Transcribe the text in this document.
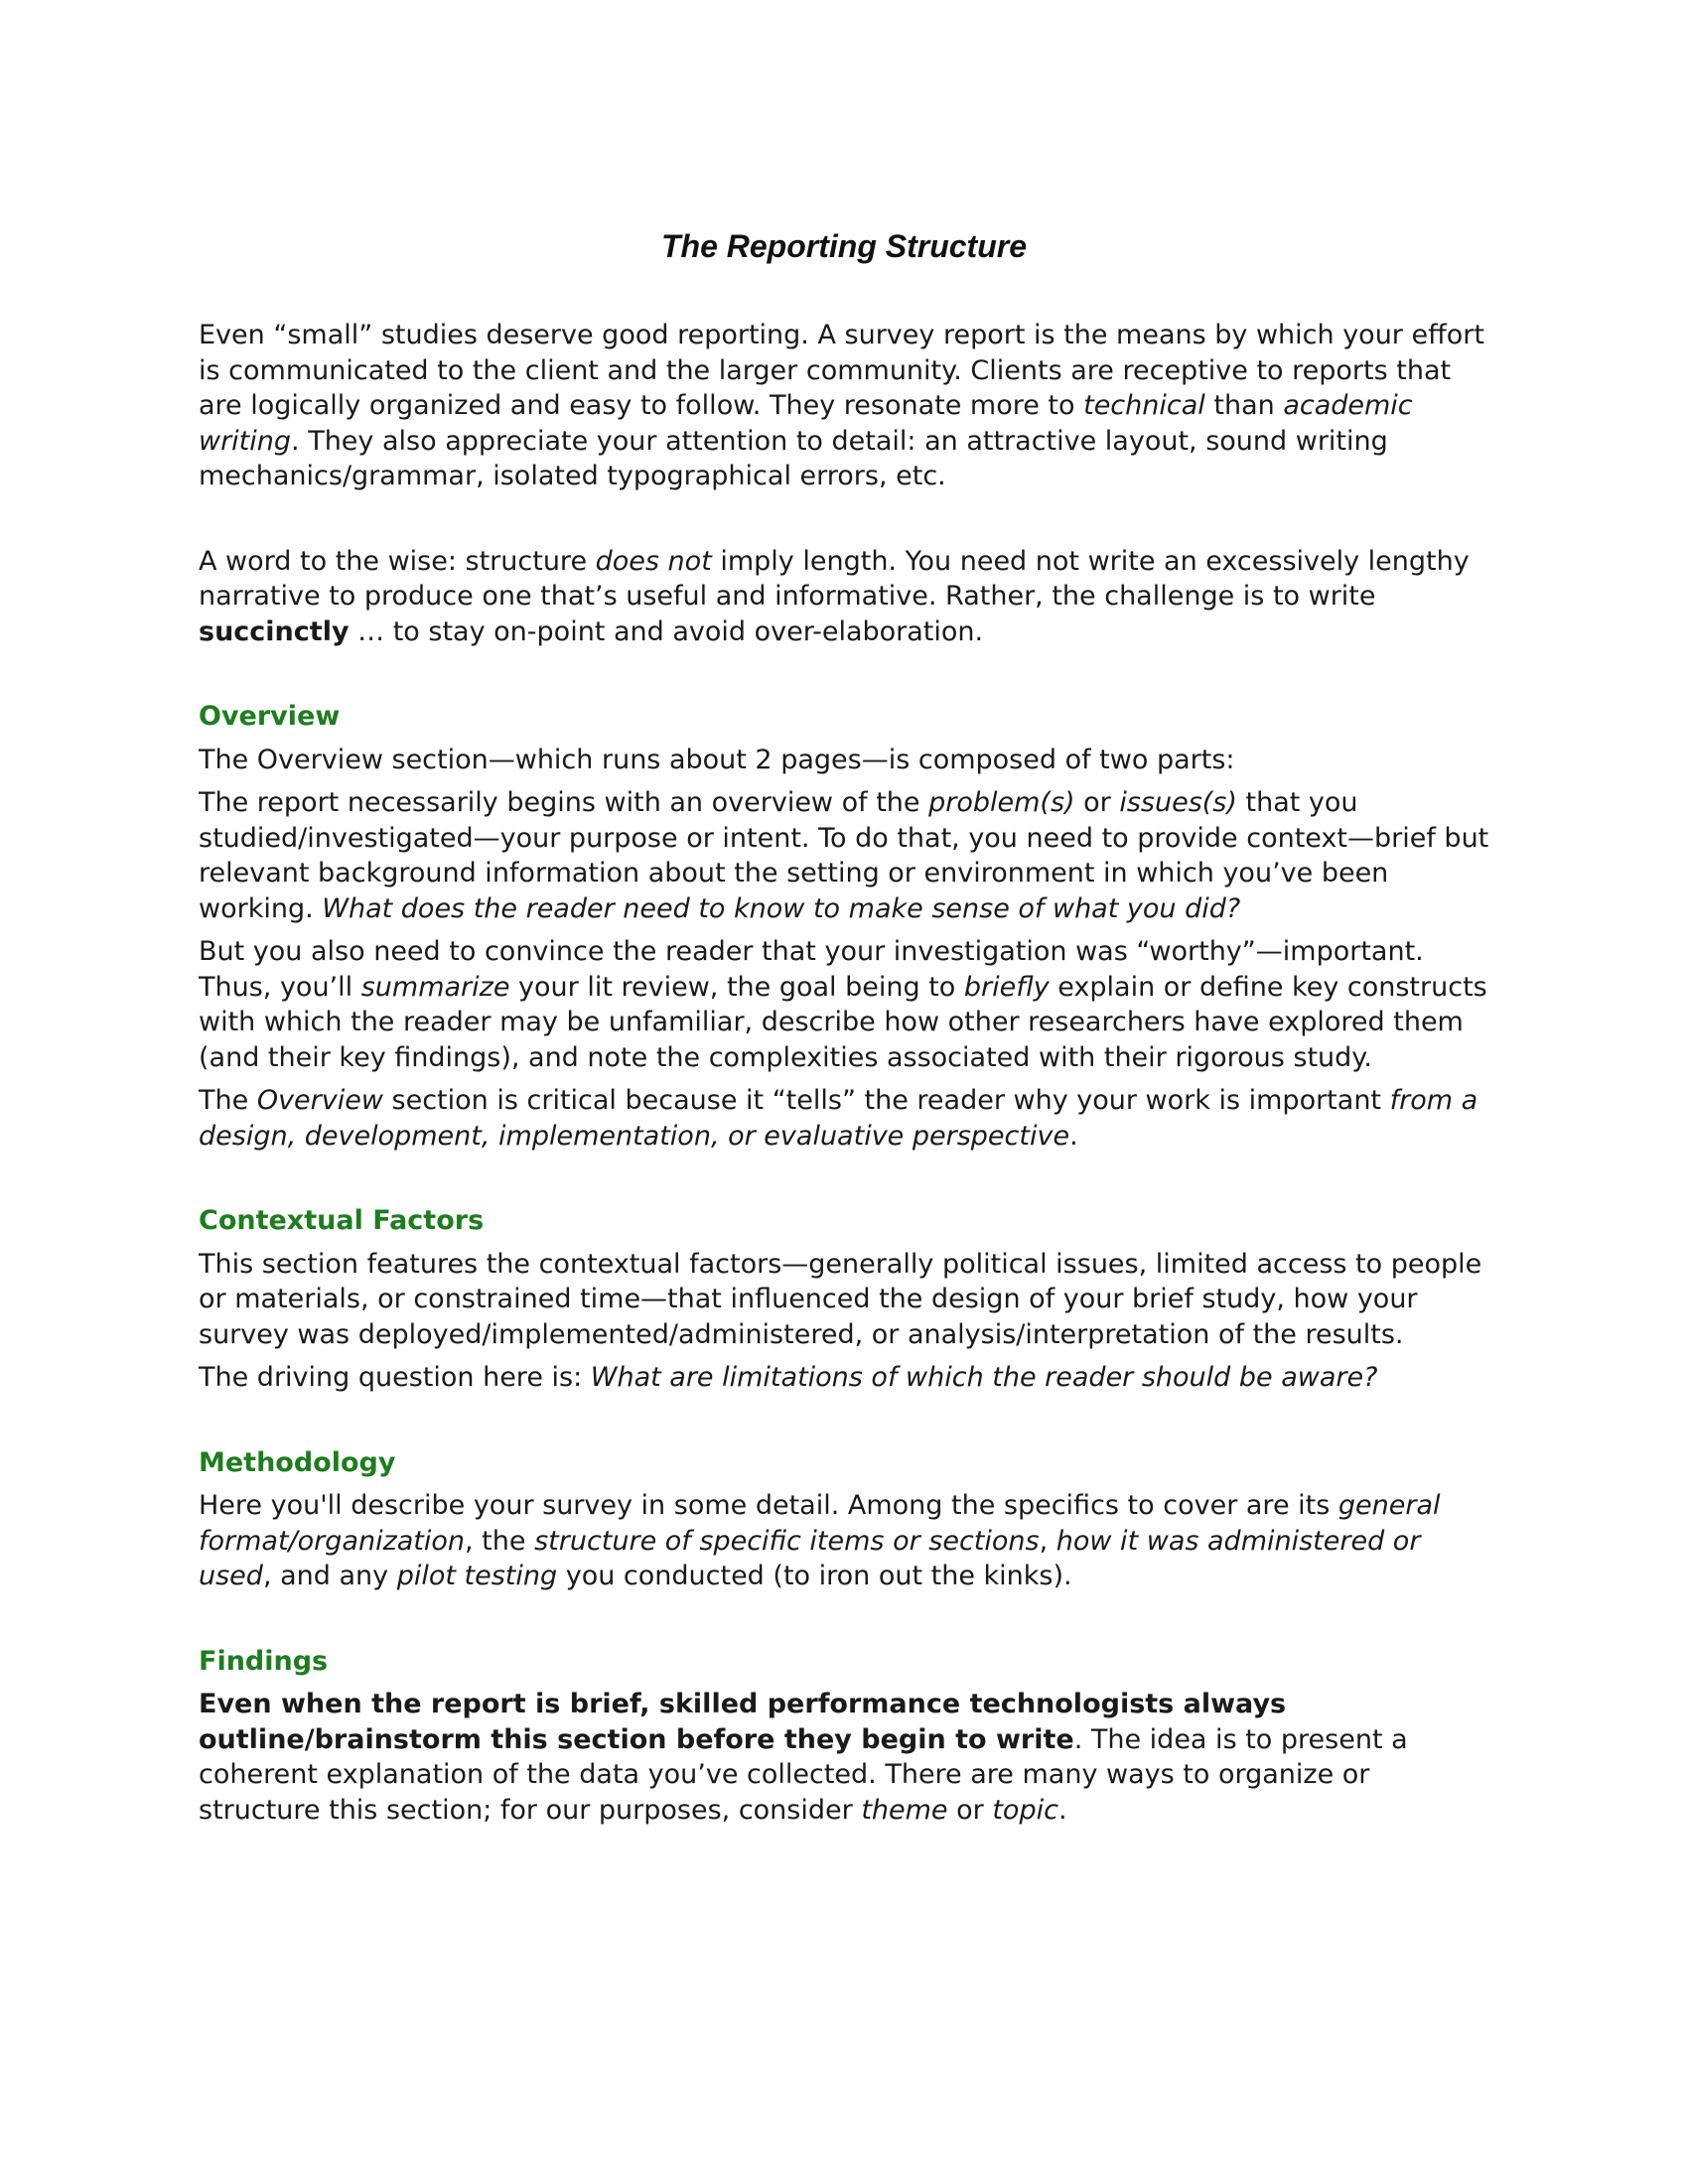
The Reporting Structure

Even “small” studies deserve good reporting. A survey report is the means by which your effort is communicated to the client and the larger community. Clients are receptive to reports that are logically organized and easy to follow. They resonate more to technical than academic writing. They also appreciate your attention to detail: an attractive layout, sound writing mechanics/grammar, isolated typographical errors, etc.

A word to the wise: structure does not imply length. You need not write an excessively lengthy narrative to produce one that’s useful and informative. Rather, the challenge is to write succinctly … to stay on-point and avoid over-elaboration.

Overview

The Overview section—which runs about 2 pages—is composed of two parts:

The report necessarily begins with an overview of the problem(s) or issues(s) that you studied/investigated—your purpose or intent. To do that, you need to provide context—brief but relevant background information about the setting or environment in which you’ve been working. What does the reader need to know to make sense of what you did?

But you also need to convince the reader that your investigation was “worthy”—important. Thus, you’ll summarize your lit review, the goal being to briefly explain or define key constructs with which the reader may be unfamiliar, describe how other researchers have explored them (and their key findings), and note the complexities associated with their rigorous study.

The Overview section is critical because it “tells” the reader why your work is important from a design, development, implementation, or evaluative perspective.

Contextual Factors

This section features the contextual factors—generally political issues, limited access to people or materials, or constrained time—that influenced the design of your brief study, how your survey was deployed/implemented/administered, or analysis/interpretation of the results.

The driving question here is: What are limitations of which the reader should be aware?

Methodology

Here you'll describe your survey in some detail. Among the specifics to cover are its general format/organization, the structure of specific items or sections, how it was administered or used, and any pilot testing you conducted (to iron out the kinks).

Findings

Even when the report is brief, skilled performance technologists always outline/brainstorm this section before they begin to write. The idea is to present a coherent explanation of the data you’ve collected. There are many ways to organize or structure this section; for our purposes, consider theme or topic.
